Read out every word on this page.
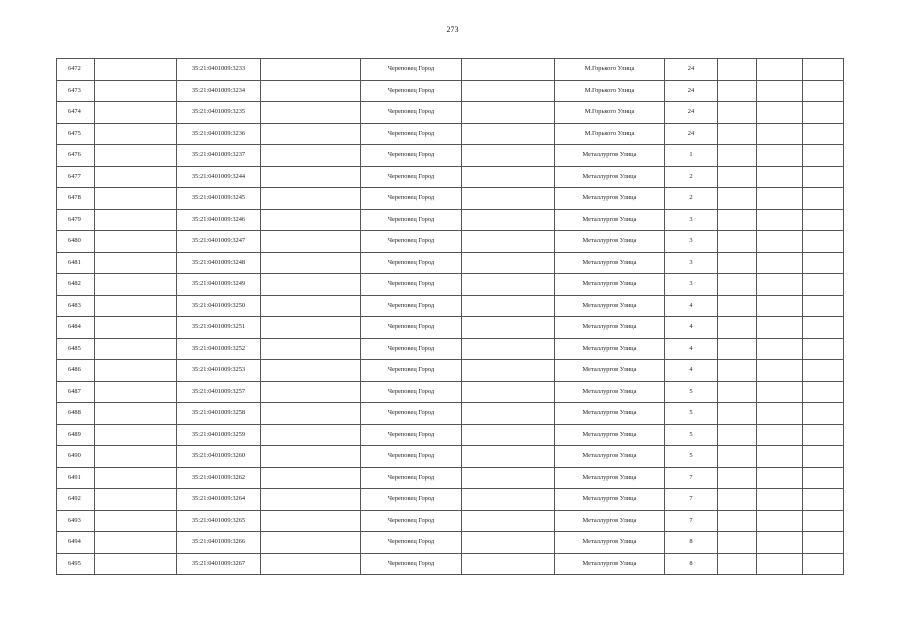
273
6472		35:21:0401009:3233		Череповец Город		М.Горького Улица	24			
6473		35:21:0401009:3234		Череповец Город		М.Горького Улица	24			
6474		35:21:0401009:3235		Череповец Город		М.Горького Улица	24			
6475		35:21:0401009:3236		Череповец Город		М.Горького Улица	24			
6476		35:21:0401009:3237		Череповец Город		Металлургов Улица	1			
6477		35:21:0401009:3244		Череповец Город		Металлургов Улица	2			
6478		35:21:0401009:3245		Череповец Город		Металлургов Улица	2			
6479		35:21:0401009:3246		Череповец Город		Металлургов Улица	3			
6480		35:21:0401009:3247		Череповец Город		Металлургов Улица	3			
6481		35:21:0401009:3248		Череповец Город		Металлургов Улица	3			
6482		35:21:0401009:3249		Череповец Город		Металлургов Улица	3			
6483		35:21:0401009:3250		Череповец Город		Металлургов Улица	4			
6484		35:21:0401009:3251		Череповец Город		Металлургов Улица	4			
6485		35:21:0401009:3252		Череповец Город		Металлургов Улица	4			
6486		35:21:0401009:3253		Череповец Город		Металлургов Улица	4			
6487		35:21:0401009:3257		Череповец Город		Металлургов Улица	5			
6488		35:21:0401009:3258		Череповец Город		Металлургов Улица	5			
6489		35:21:0401009:3259		Череповец Город		Металлургов Улица	5			
6490		35:21:0401009:3260		Череповец Город		Металлургов Улица	5			
6491		35:21:0401009:3262		Череповец Город		Металлургов Улица	7			
6492		35:21:0401009:3264		Череповец Город		Металлургов Улица	7			
6493		35:21:0401009:3265		Череповец Город		Металлургов Улица	7			
6494		35:21:0401009:3266		Череповец Город		Металлургов Улица	8			
6495		35:21:0401009:3267		Череповец Город		Металлургов Улица	8			
